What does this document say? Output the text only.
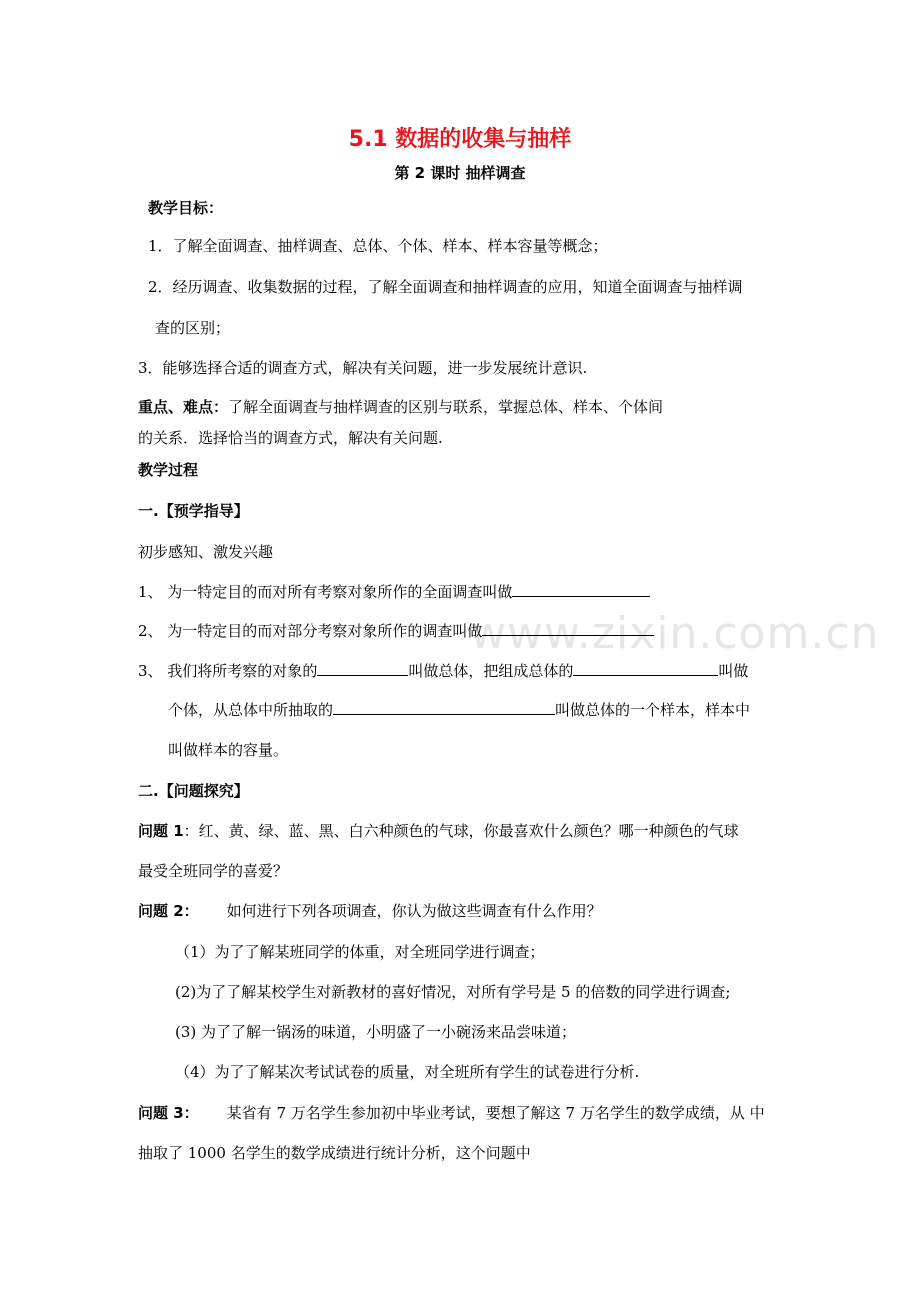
www.zixin.com.cn
5.1 数据的收集与抽样
第 2 课时 抽样调查
教学目标：
1．了解全面调查、抽样调查、总体、个体、样本、样本容量等概念；
2．经历调查、收集数据的过程，了解全面调查和抽样调查的应用，知道全面调查与抽样调
查的区别；
3．能够选择合适的调查方式，解决有关问题，进一步发展统计意识.
重点、难点：了解全面调查与抽样调查的区别与联系，掌握总体、样本、个体间
的关系．选择恰当的调查方式，解决有关问题.
教学过程
一.【预学指导】
初步感知、激发兴趣
1、 为一特定目的而对所有考察对象所作的全面调查叫做
2、 为一特定目的而对部分考察对象所作的调查叫做
3、 我们将所考察的对象的	叫做总体，把组成总体的	叫做
个体，从总体中所抽取的	叫做总体的一个样本，样本中
叫做样本的容量。
二.【问题探究】
问题 1：红、黄、绿、蓝、黑、白六种颜色的气球，你最喜欢什么颜色？哪一种颜色的气球
最受全班同学的喜爱？
问题 2： 如何进行下列各项调查，你认为做这些调查有什么作用？
（1）为了了解某班同学的体重，对全班同学进行调查；
(2)为了了解某校学生对新教材的喜好情况，对所有学号是 5 的倍数的同学进行调查;
(3) 为了了解一锅汤的味道，小明盛了一小碗汤来品尝味道；
（4）为了了解某次考试试卷的质量，对全班所有学生的试卷进行分析.
问题 3： 某省有 7 万名学生参加初中毕业考试，要想了解这 7 万名学生的数学成绩，从 中
抽取了 1000 名学生的数学成绩进行统计分析，这个问题中
